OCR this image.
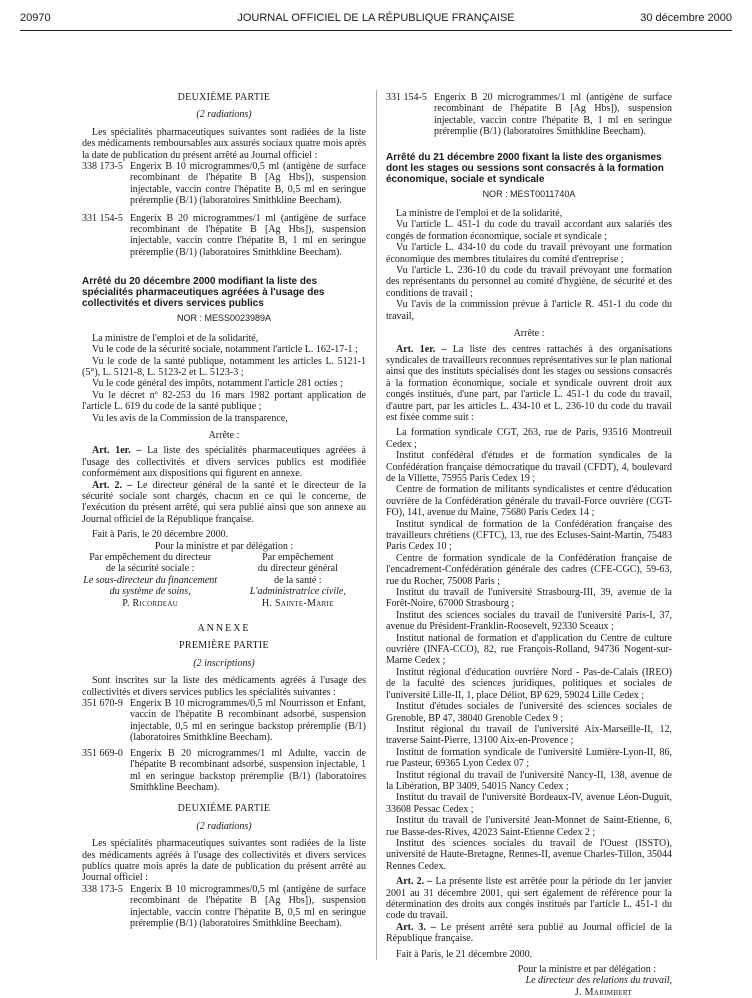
20970	JOURNAL OFFICIEL DE LA RÉPUBLIQUE FRANÇAISE	30 décembre 2000

DEUXIÈME PARTIE

(2 radiations)

Les spécialités pharmaceutiques suivantes sont radiées de la liste des médicaments remboursables aux assurés sociaux quatre mois après la date de publication du présent arrêté au Journal officiel :

338 173-5 Engerix B 10 microgrammes/0,5 ml (antigène de surface recombinant de l'hépatite B [Ag Hbs]), suspension injectable, vaccin contre l'hépatite B, 0,5 ml en seringue préremplie (B/1) (laboratoires Smithkline Beecham).
331 154-5 Engerix B 20 microgrammes/1 ml (antigène de surface recombinant de l'hépatite B [Ag Hbs]), suspension injectable, vaccin contre l'hépatite B, 1 ml en seringue préremplie (B/1) (laboratoires Smithkline Beecham).

Arrêté du 20 décembre 2000 modifiant la liste des spécialités pharmaceutiques agréées à l'usage des collectivités et divers services publics

NOR : MESS0023989A

La ministre de l'emploi et de la solidarité,

Vu le code de la sécurité sociale, notamment l'article L. 162-17-1 ;

Vu le code de la santé publique, notamment les articles L. 5121-1 (5°), L. 5121-8, L. 5123-2 et L. 5123-3 ;

Vu le code général des impôts, notamment l'article 281 octies ;

Vu le décret nº 82-253 du 16 mars 1982 portant application de l'article L. 619 du code de la santé publique ;

Vu les avis de la Commission de la transparence,

Arrête :

Art. 1er. – La liste des spécialités pharmaceutiques agréées à l'usage des collectivités et divers services publics est modifiée conformément aux dispositions qui figurent en annexe.

Art. 2. – Le directeur général de la santé et le directeur de la sécurité sociale sont chargés, chacun en ce qui le concerne, de l'exécution du présent arrêté, qui sera publié ainsi que son annexe au Journal officiel de la République française.

Fait à Paris, le 20 décembre 2000.

Pour la ministre et par délégation :

Par empêchement du directeur

de la sécurité sociale :

Le sous-directeur du financement

du système de soins,

P. Ricordeau

Par empêchement

du directeur général

de la santé :

L'administratrice civile,

H. Sainte-Marie

ANNEXE

PREMIÈRE PARTIE

(2 inscriptions)

Sont inscrites sur la liste des médicaments agréés à l'usage des collectivités et divers services publics les spécialités suivantes :

351 670-9 Engerix B 10 microgrammes/0,5 ml Nourrisson et Enfant, vaccin de l'hépatite B recombinant adsorbé, suspension injectable, 0,5 ml en seringue backstop préremplie (B/1) (laboratoires Smithkline Beecham).
351 669-0 Engerix B 20 microgrammes/1 ml Adulte, vaccin de l'hépatite B recombinant adsorbé, suspension injectable, 1 ml en seringue backstop préremplie (B/1) (laboratoires Smithkline Beecham).

DEUXIÈME PARTIE

(2 radiations)

Les spécialités pharmaceutiques suivantes sont radiées de la liste des médicaments agréés à l'usage des collectivités et divers services publics quatre mois après la date de publication du présent arrêté au Journal officiel :

338 173-5 Engerix B 10 microgrammes/0,5 ml (antigène de surface recombinant de l'hépatite B [Ag Hbs]), suspension injectable, vaccin contre l'hépatite B, 0,5 ml en seringue préremplie (B/1) (laboratoires Smithkline Beecham).
331 154-5 Engerix B 20 microgrammes/1 ml (antigène de surface recombinant de l'hépatite B [Ag Hbs]), suspension injectable, vaccin contre l'hépatite B, 1 ml en seringue préremplie (B/1) (laboratoires Smithkline Beecham).

Arrêté du 21 décembre 2000 fixant la liste des organismes dont les stages ou sessions sont consacrés à la formation économique, sociale et syndicale

NOR : MEST0011740A

La ministre de l'emploi et de la solidarité,

Vu l'article L. 451-1 du code du travail accordant aux salariés des congés de formation économique, sociale et syndicale ;

Vu l'article L. 434-10 du code du travail prévoyant une formation économique des membres titulaires du comité d'entreprise ;

Vu l'article L. 236-10 du code du travail prévoyant une formation des représentants du personnel au comité d'hygiène, de sécurité et des conditions de travail ;

Vu l'avis de la commission prévue à l'article R. 451-1 du code du travail,

Arrête :

Art. 1er. – La liste des centres rattachés à des organisations syndicales de travailleurs reconnues représentatives sur le plan national ainsi que des instituts spécialisés dont les stages ou sessions consacrés à la formation économique, sociale et syndicale ouvrent droit aux congés institués, d'une part, par l'article L. 451-1 du code du travail, d'autre part, par les articles L. 434-10 et L. 236-10 du code du travail est fixée comme suit :

La formation syndicale CGT, 263, rue de Paris, 93516 Montreuil Cedex ;

Institut confédéral d'études et de formation syndicales de la Confédération française démocratique du travail (CFDT), 4, boulevard de la Villette, 75955 Paris Cedex 19 ;

Centre de formation de militants syndicalistes et centre d'éducation ouvrière de la Confédération générale du travail-Force ouvrière (CGT-FO), 141, avenue du Maine, 75680 Paris Cedex 14 ;

Institut syndical de formation de la Confédération française des travailleurs chrétiens (CFTC), 13, rue des Ecluses-Saint-Martin, 75483 Paris Cedex 10 ;

Centre de formation syndicale de la Confédération française de l'encadrement-Confédération générale des cadres (CFE-CGC), 59-63, rue du Rocher, 75008 Paris ;

Institut du travail de l'université Strasbourg-III, 39, avenue de la Forêt-Noire, 67000 Strasbourg ;

Institut des sciences sociales du travail de l'université Paris-I, 37, avenue du Président-Franklin-Roosevelt, 92330 Sceaux ;

Institut national de formation et d'application du Centre de culture ouvrière (INFA-CCO), 82, rue François-Rolland, 94736 Nogent-sur-Marne Cedex ;

Institut régional d'éducation ouvrière Nord - Pas-de-Calais (IREO) de la faculté des sciences juridiques, politiques et sociales de l'université Lille-II, 1, place Déliot, BP 629, 59024 Lille Cedex ;

Institut d'études sociales de l'université des sciences sociales de Grenoble, BP 47, 38040 Grenoble Cedex 9 ;

Institut régional du travail de l'université Aix-Marseille-II, 12, traverse Saint-Pierre, 13100 Aix-en-Provence ;

Institut de formation syndicale de l'université Lumière-Lyon-II, 86, rue Pasteur, 69365 Lyon Cedex 07 ;

Institut régional du travail de l'université Nancy-II, 138, avenue de la Libération, BP 3409, 54015 Nancy Cedex ;

Institut du travail de l'université Bordeaux-IV, avenue Léon-Duguit, 33608 Pessac Cedex ;

Institut du travail de l'université Jean-Monnet de Saint-Etienne, 6, rue Basse-des-Rives, 42023 Saint-Etienne Cedex 2 ;

Institut des sciences sociales du travail de l'Ouest (ISSTO), université de Haute-Bretagne, Rennes-II, avenue Charles-Tillon, 35044 Rennes Cedex.

Art. 2. – La présente liste est arrêtée pour la période du 1er janvier 2001 au 31 décembre 2001, qui sert également de référence pour la détermination des droits aux congés institués par l'article L. 451-1 du code du travail.

Art. 3. – Le présent arrêté sera publié au Journal officiel de la République française.

Fait à Paris, le 21 décembre 2000.

Pour la ministre et par délégation :

Le directeur des relations du travail,

J. Marimbert
